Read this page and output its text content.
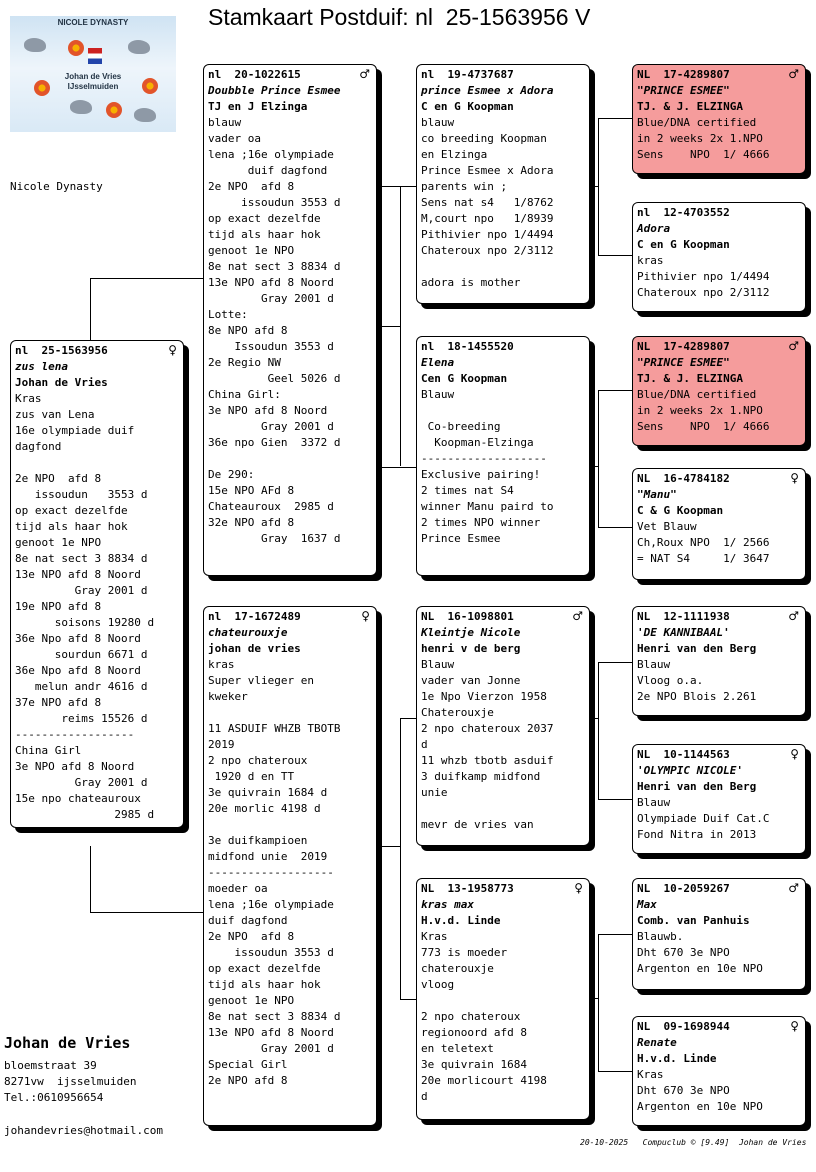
Stamkaart Postduif: nl  25-1563956 V
NICOLE DYNASTY
Johan de Vries
IJsselmuiden
Nicole Dynasty
♀
nl  25-1563956
zus lena
Johan de Vries
Kras
zus van Lena
16e olympiade duif
dagfond
2e NPO  afd 8
issoudun   3553 d
op exact dezelfde
tijd als haar hok
genoot 1e NPO
8e nat sect 3 8834 d
13e NPO afd 8 Noord
Gray 2001 d
19e NPO afd 8
soisons 19280 d
36e Npo afd 8 Noord
sourdun 6671 d
36e Npo afd 8 Noord
melun andr 4616 d
37e NPO afd 8
reims 15526 d
------------------
China Girl
3e NPO afd 8 Noord
Gray 2001 d
15e npo chateauroux
2985 d
♂
nl  20-1022615
Doubble Prince Esmee
TJ en J Elzinga
blauw
vader oa
lena ;16e olympiade
duif dagfond
2e NPO  afd 8
issoudun 3553 d
op exact dezelfde
tijd als haar hok
genoot 1e NPO
8e nat sect 3 8834 d
13e NPO afd 8 Noord
Gray 2001 d
Lotte:
8e NPO afd 8
Issoudun 3553 d
2e Regio NW
Geel 5026 d
China Girl:
3e NPO afd 8 Noord
Gray 2001 d
36e npo Gien  3372 d
De 290:
15e NPO AFd 8
Chateauroux  2985 d
32e NPO afd 8
Gray  1637 d
♀
nl  17-1672489
chateurouxje
johan de vries
kras
Super vlieger en
kweker
11 ASDUIF WHZB TBOTB
2019
2 npo chateroux
1920 d en TT
3e quivrain 1684 d
20e morlic 4198 d
3e duifkampioen
midfond unie  2019
-------------------
moeder oa
lena ;16e olympiade
duif dagfond
2e NPO  afd 8
issoudun 3553 d
op exact dezelfde
tijd als haar hok
genoot 1e NPO
8e nat sect 3 8834 d
13e NPO afd 8 Noord
Gray 2001 d
Special Girl
2e NPO afd 8
nl  19-4737687
prince Esmee x Adora
C en G Koopman
blauw
co breeding Koopman
en Elzinga
Prince Esmee x Adora
parents win ;
Sens nat s4   1/8762
M,court npo   1/8939
Pithivier npo 1/4494
Chateroux npo 2/3112
adora is mother
nl  18-1455520
Elena
Cen G Koopman
Blauw
Co-breeding
Koopman-Elzinga
-------------------
Exclusive pairing!
2 times nat S4
winner Manu paird to
2 times NPO winner
Prince Esmee
♂
NL  16-1098801
Kleintje Nicole
henri v de berg
Blauw
vader van Jonne
1e Npo Vierzon 1958
Chaterouxje
2 npo chateroux 2037
d
11 whzb tbotb asduif
3 duifkamp midfond
unie
mevr de vries van
♀
NL  13-1958773
kras max
H.v.d. Linde
Kras
773 is moeder
chaterouxje
vloog
2 npo chateroux
regionoord afd 8
en teletext
3e quivrain 1684
20e morlicourt 4198
d
♂
NL  17-4289807
"PRINCE ESMEE"
TJ. & J. ELZINGA
Blue/DNA certified
in 2 weeks 2x 1.NPO
Sens    NPO  1/ 4666
nl  12-4703552
Adora
C en G Koopman
kras
Pithivier npo 1/4494
Chateroux npo 2/3112
♂
NL  17-4289807
"PRINCE ESMEE"
TJ. & J. ELZINGA
Blue/DNA certified
in 2 weeks 2x 1.NPO
Sens    NPO  1/ 4666
♀
NL  16-4784182
"Manu"
C & G Koopman
Vet Blauw
Ch,Roux NPO  1/ 2566
= NAT S4     1/ 3647
♂
NL  12-1111938
'DE KANNIBAAL'
Henri van den Berg
Blauw
Vloog o.a.
2e NPO Blois 2.261
♀
NL  10-1144563
'OLYMPIC NICOLE'
Henri van den Berg
Blauw
Olympiade Duif Cat.C
Fond Nitra in 2013
♂
NL  10-2059267
Max
Comb. van Panhuis
Blauwb.
Dht 670 3e NPO
Argenton en 10e NPO
♀
NL  09-1698944
Renate
H.v.d. Linde
Kras
Dht 670 3e NPO
Argenton en 10e NPO
Johan de Vries
bloemstraat 39
8271vw  ijsselmuiden
Tel.:0610956654
johandevries@hotmail.com
20-10-2025 Compuclub © [9.49]  Johan de Vries
